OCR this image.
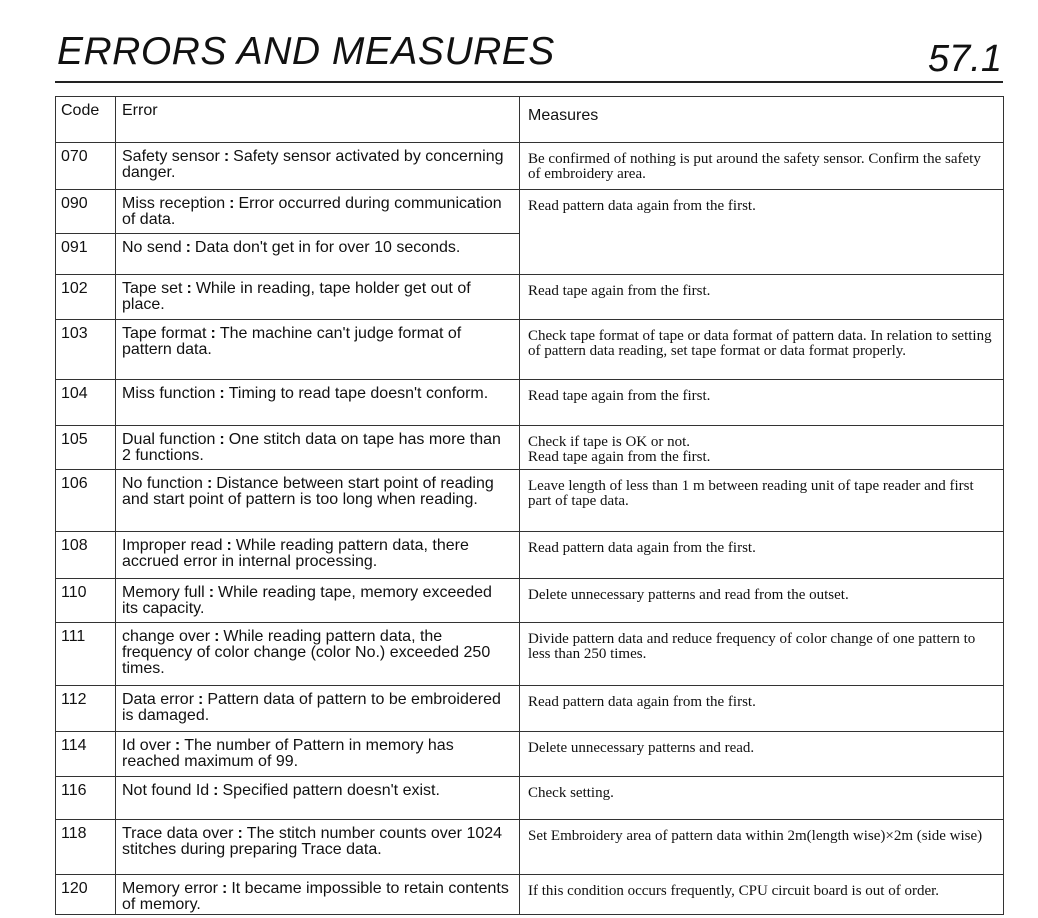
ERRORS AND MEASURES	57.1
Code	Error	Measures
070	Safety sensor : Safety sensor activated by concerning danger.	Be confirmed of nothing is put around the safety sensor. Confirm the safety of embroidery area.

090	Miss reception : Error occurred during communication of data.	Read pattern data again from the first.

091	No send : Data don't get in for over 10 seconds.	
102	Tape set : While in reading, tape holder get out of place.	Read tape again from the first.

103	Tape format : The machine can't judge format of pattern data.	Check tape format of tape or data format of pattern data. In relation to setting of pattern data reading, set tape format or data format properly.

104	Miss function : Timing to read tape doesn't conform.	Read tape again from the first.

105	Dual function : One stitch data on tape has more than 2 functions.	Check if tape is OK or not.
Read tape again from the first.

106	No function : Distance between start point of reading and start point of pattern is too long when reading.	Leave length of less than 1 m between reading unit of tape reader and first part of tape data.

108	Improper read : While reading pattern data, there accrued error in internal processing.	Read pattern data again from the first.

110	Memory full : While reading tape, memory exceeded its capacity.	Delete unnecessary patterns and read from the outset.

111	change over : While reading pattern data, the frequency of color change (color No.) exceeded 250 times.	Divide pattern data and reduce frequency of color change of one pattern to less than 250 times.

112	Data error : Pattern data of pattern to be embroidered is damaged.	Read pattern data again from the first.

114	Id over : The number of Pattern in memory has reached maximum of 99.	Delete unnecessary patterns and read.

116	Not found Id : Specified pattern doesn't exist.	Check setting.

118	Trace data over : The stitch number counts over 1024 stitches during preparing Trace data.	Set Embroidery area of pattern data within 2m(length wise)×2m (side wise)

120	Memory error : It became impossible to retain contents of memory.	If this condition occurs frequently, CPU circuit board is out of order.
